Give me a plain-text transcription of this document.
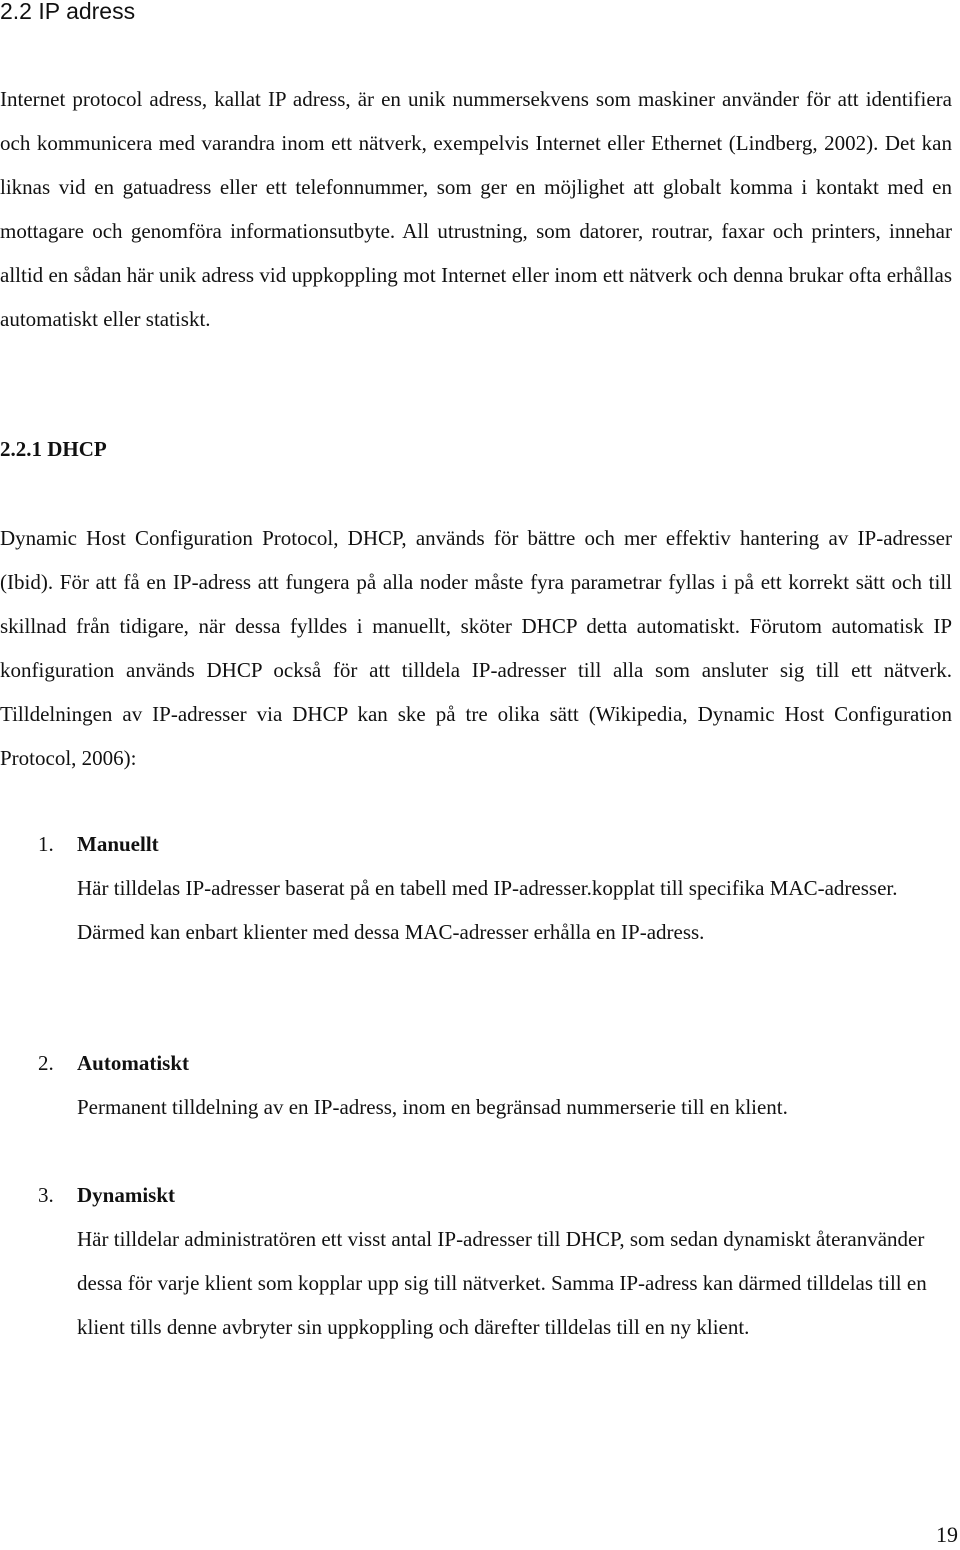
2.2 IP adress

Internet protocol adress, kallat IP adress, är en unik nummersekvens som maskiner använder för att identifiera och kommunicera med varandra inom ett nätverk, exempelvis Internet eller Ethernet (Lindberg, 2002). Det kan liknas vid en gatuadress eller ett telefonnummer, som ger en möjlighet att globalt komma i kontakt med en mottagare och genomföra informationsutbyte. All utrustning, som datorer, routrar, faxar och printers, innehar alltid en sådan här unik adress vid uppkoppling mot Internet eller inom ett nätverk och denna brukar ofta erhållas automatiskt eller statiskt.

2.2.1 DHCP

Dynamic Host Configuration Protocol, DHCP, används för bättre och mer effektiv hantering av IP-adresser (Ibid). För att få en IP-adress att fungera på alla noder måste fyra parametrar fyllas i på ett korrekt sätt och till skillnad från tidigare, när dessa fylldes i manuellt, sköter DHCP detta automatiskt. Förutom automatisk IP konfiguration används DHCP också för att tilldela IP-adresser till alla som ansluter sig till ett nätverk. Tilldelningen av IP-adresser via DHCP kan ske på tre olika sätt (Wikipedia, Dynamic Host Configuration Protocol, 2006):

1. Manuellt

Här tilldelas IP-adresser baserat på en tabell med IP-adresser.kopplat till specifika MAC-adresser. Därmed kan enbart klienter med dessa MAC-adresser erhålla en IP-adress.

2. Automatiskt

Permanent tilldelning av en IP-adress, inom en begränsad nummerserie till en klient.

3. Dynamiskt

Här tilldelar administratören ett visst antal IP-adresser till DHCP, som sedan dynamiskt återanvänder dessa för varje klient som kopplar upp sig till nätverket. Samma IP-adress kan därmed tilldelas till en klient tills denne avbryter sin uppkoppling och därefter tilldelas till en ny klient.

19
